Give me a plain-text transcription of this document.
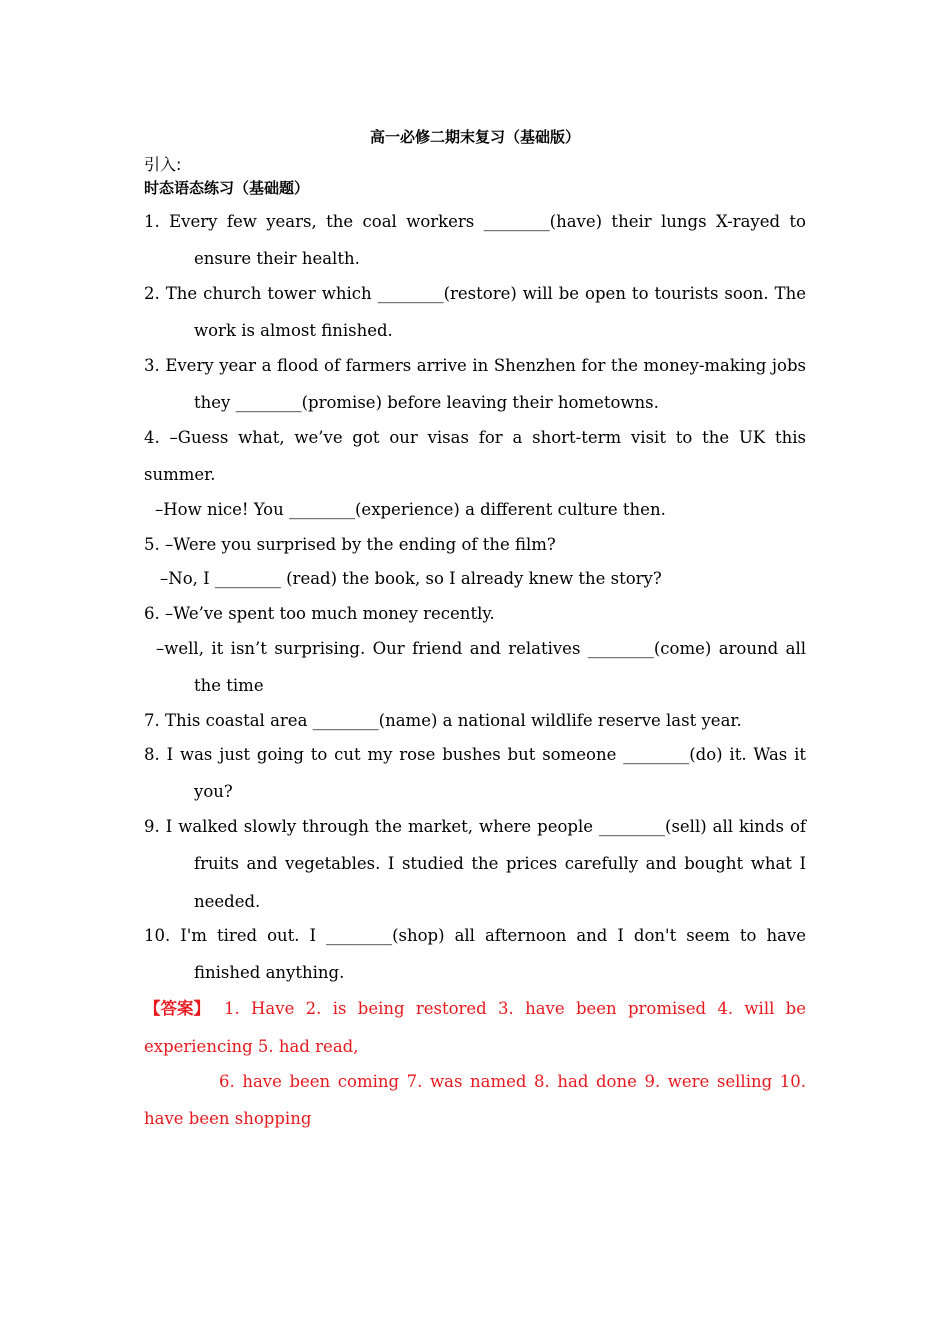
高一必修二期末复习（基础版）
引入:
时态语态练习（基础题）
1. Every few years, the coal workers ________(have) their lungs X-rayed to
ensure their health.
2. The church tower which ________(restore) will be open to tourists soon. The
work is almost finished.
3. Every year a flood of farmers arrive in Shenzhen for the money-making jobs
they ________(promise) before leaving their hometowns.
4. –Guess what, we’ve got our visas for a short-term visit to the UK this
summer.
–How nice! You ________(experience) a different culture then.
5. –Were you surprised by the ending of the film?
–No, I ________ (read) the book, so I already knew the story?
6. –We’ve spent too much money recently.
–well, it isn’t surprising. Our friend and relatives ________(come) around all
the time
7. This coastal area ________(name) a national wildlife reserve last year.
8. I was just going to cut my rose bushes but someone ________(do) it. Was it
you?
9. I walked slowly through the market, where people ________(sell) all kinds of
fruits and vegetables. I studied the prices carefully and bought what I
needed.
10. I'm tired out. I ________(shop) all afternoon and I don't seem to have
finished anything.
【答案】 1. Have 2. is being restored 3. have been promised 4. will be
experiencing 5. had read,
6. have been coming 7. was named 8. had done 9. were selling 10.
have been shopping
